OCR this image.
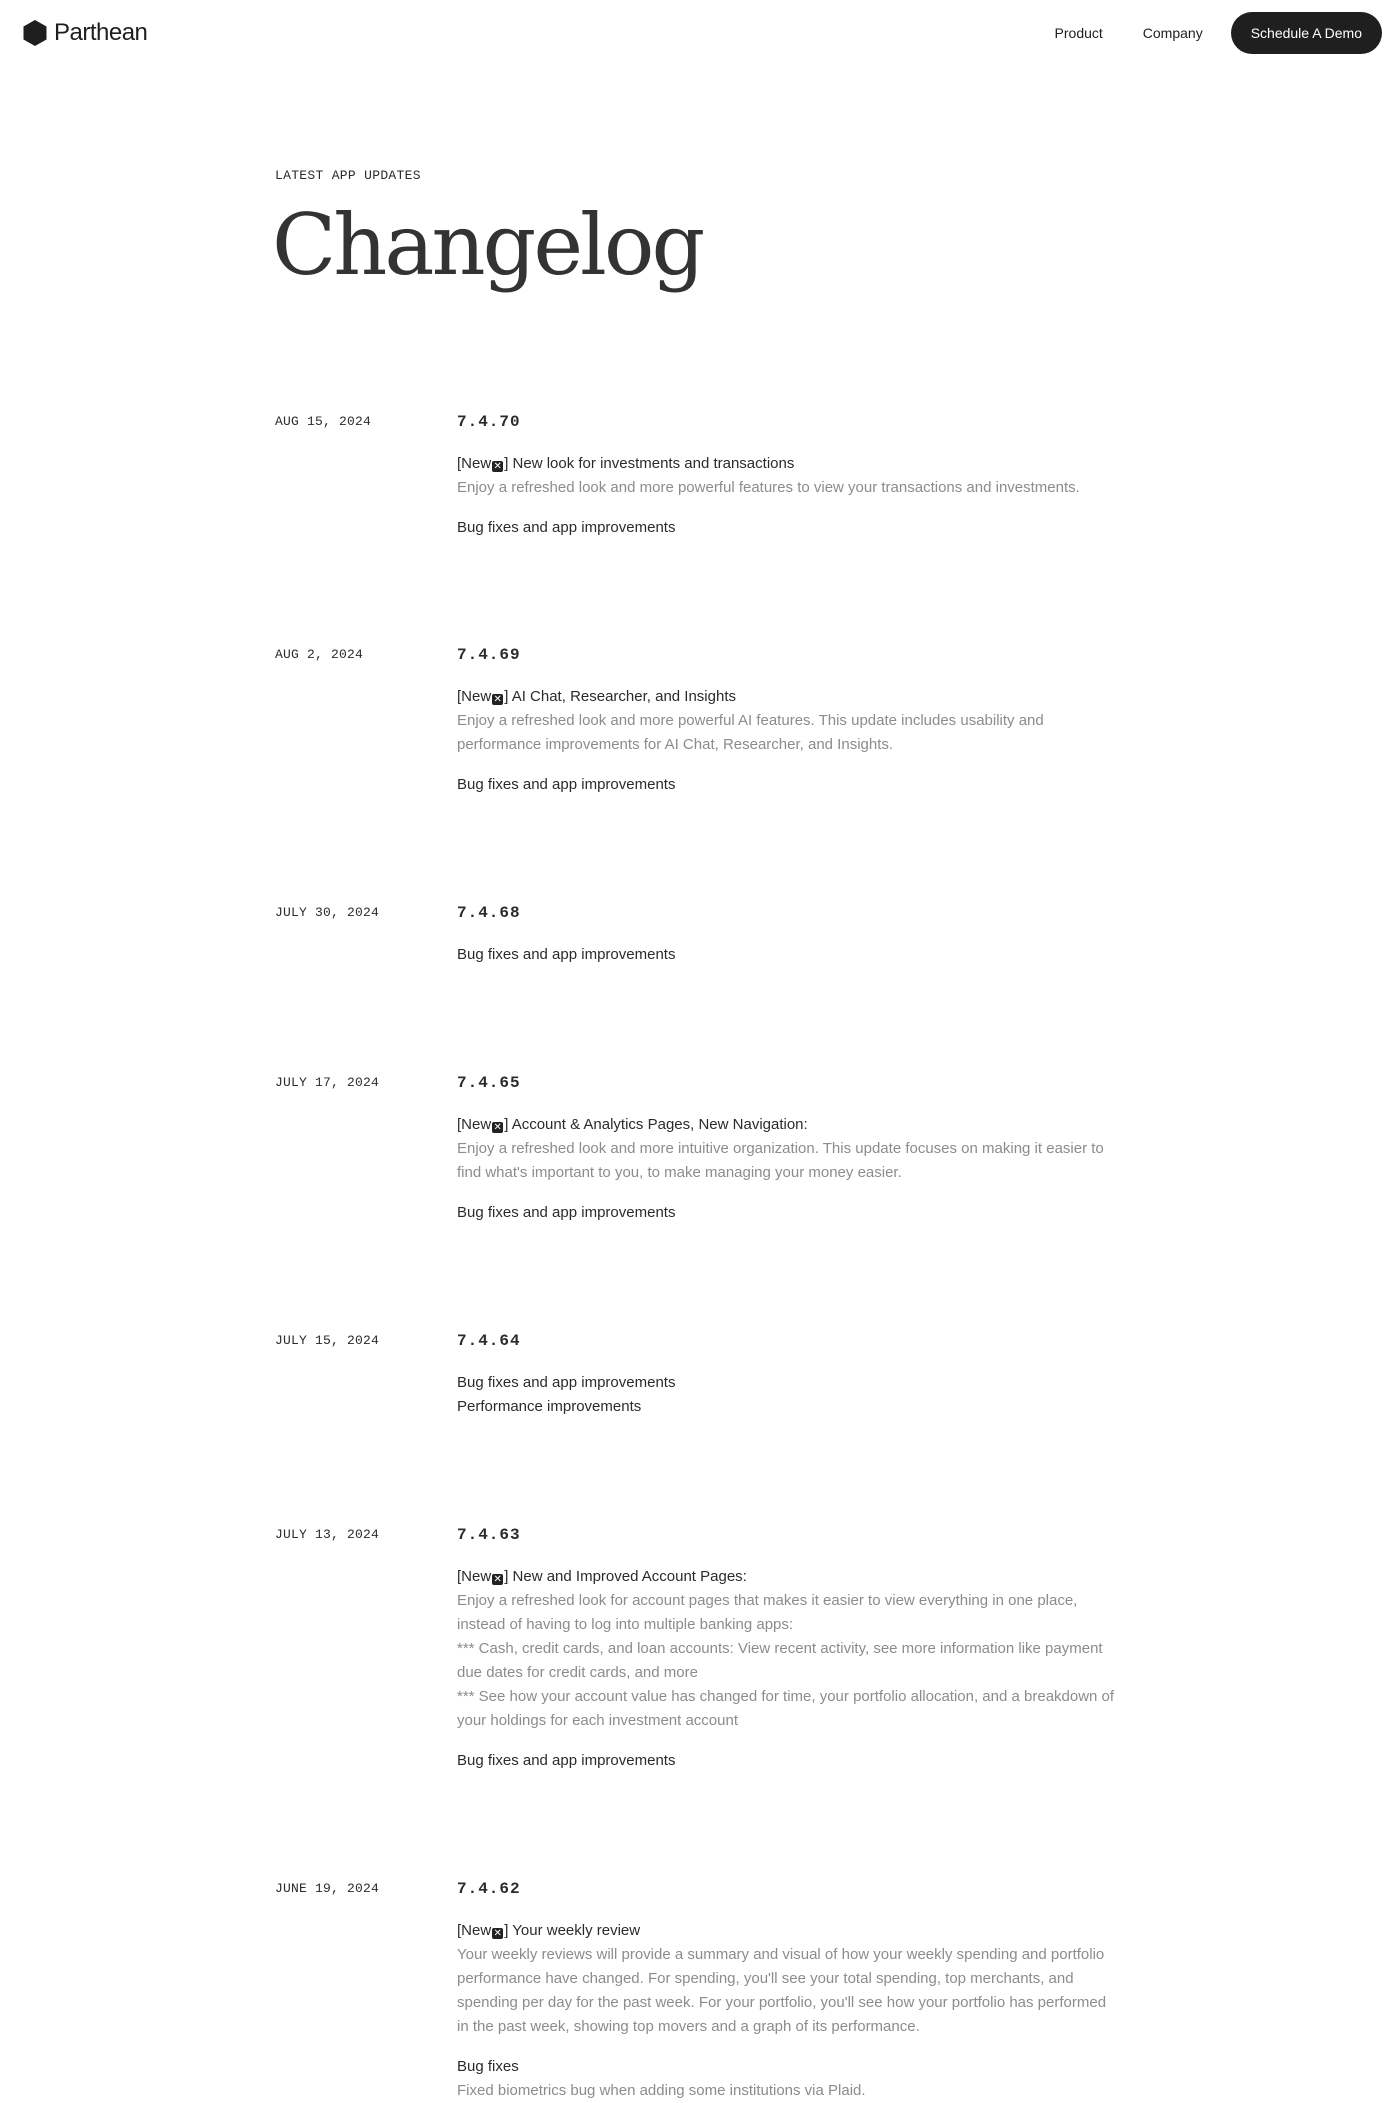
Parthean	Product	Company	Schedule A Demo
LATEST APP UPDATES
Changelog
AUG 15, 2024	7.4.70
[New ✕ ] New look for investments and transactions
Enjoy a refreshed look and more powerful features to view your transactions and investments.
Bug fixes and app improvements
AUG 2, 2024	7.4.69
[New ✕ ] AI Chat, Researcher, and Insights
Enjoy a refreshed look and more powerful AI features. This update includes usability and performance improvements for AI Chat, Researcher, and Insights.
Bug fixes and app improvements
JULY 30, 2024	7.4.68
Bug fixes and app improvements
JULY 17, 2024	7.4.65
[New ✕ ] Account & Analytics Pages, New Navigation:
Enjoy a refreshed look and more intuitive organization. This update focuses on making it easier to find what's important to you, to make managing your money easier.
Bug fixes and app improvements
JULY 15, 2024	7.4.64
Bug fixes and app improvements
Performance improvements
JULY 13, 2024	7.4.63
[New ✕ ] New and Improved Account Pages:
Enjoy a refreshed look for account pages that makes it easier to view everything in one place, instead of having to log into multiple banking apps:
*** Cash, credit cards, and loan accounts: View recent activity, see more information like payment due dates for credit cards, and more
*** See how your account value has changed for time, your portfolio allocation, and a breakdown of your holdings for each investment account
Bug fixes and app improvements
JUNE 19, 2024	7.4.62
[New ✕ ] Your weekly review
Your weekly reviews will provide a summary and visual of how your weekly spending and portfolio performance have changed. For spending, you'll see your total spending, top merchants, and spending per day for the past week. For your portfolio, you'll see how your portfolio has performed in the past week, showing top movers and a graph of its performance.
Bug fixes
Fixed biometrics bug when adding some institutions via Plaid.
